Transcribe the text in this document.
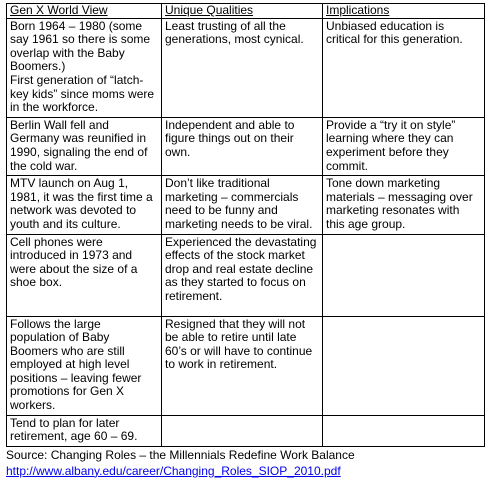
Gen X World View	Unique Qualities	Implications

Born 1964 – 1980 (some say 1961 so there is some overlap with the Baby Boomers.)
First generation of “latch-key kids” since moms were in the workforce.	Least trusting of all the generations, most cynical.	Unbiased education is critical for this generation.
Berlin Wall fell and Germany was reunified in 1990, signaling the end of the cold war.	Independent and able to figure things out on their own.	Provide a “try it on style” learning where they can experiment before they commit.
MTV launch on Aug 1, 1981, it was the first time a network was devoted to youth and its culture.	Don’t like traditional marketing – commercials need to be funny and marketing needs to be viral.	Tone down marketing materials – messaging over marketing resonates with this age group.
Cell phones were introduced in 1973 and were about the size of a shoe box.	Experienced the devastating effects of the stock market drop and real estate decline as they started to focus on retirement.	
Follows the large population of Baby Boomers who are still employed at high level positions – leaving fewer promotions for Gen X workers.	Resigned that they will not be able to retire until late 60’s or will have to continue to work in retirement.	
Tend to plan for later retirement, age 60 – 69.		
Source: Changing Roles – the Millennials Redefine Work Balance
http://www.albany.edu/career/Changing_Roles_SIOP_2010.pdf
